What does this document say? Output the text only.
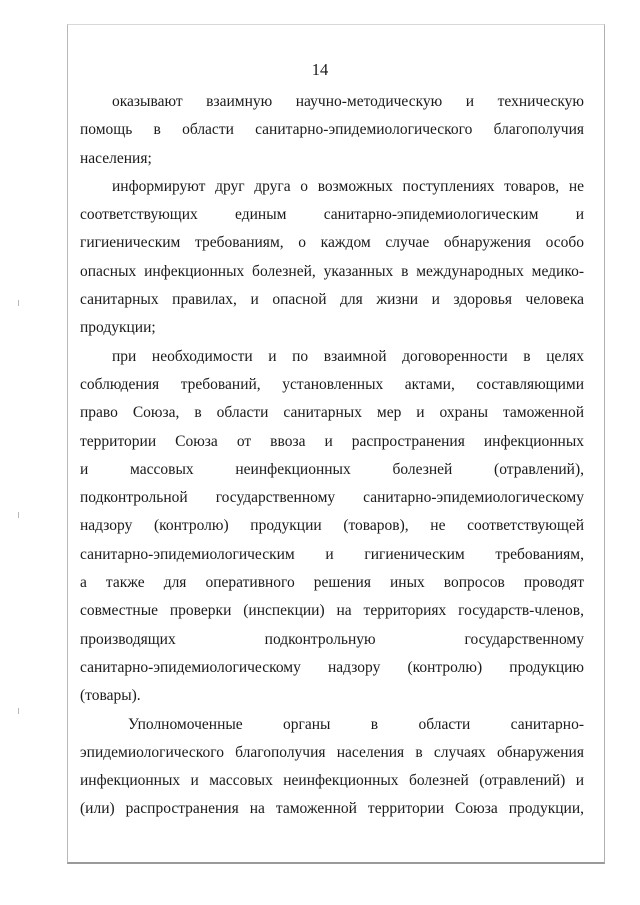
14
оказывают взаимную научно-методическую и техническую
помощь в области санитарно-эпидемиологического благополучия
населения;
информируют друг друга о возможных поступлениях товаров, не
соответствующих единым санитарно-эпидемиологическим и
гигиеническим требованиям, о каждом случае обнаружения особо
опасных инфекционных болезней, указанных в международных медико-
санитарных правилах, и опасной для жизни и здоровья человека
продукции;
при необходимости и по взаимной договоренности в целях
соблюдения требований, установленных актами, составляющими
право Союза, в области санитарных мер и охраны таможенной
территории Союза от ввоза и распространения инфекционных
и массовых неинфекционных болезней (отравлений),
подконтрольной государственному санитарно-эпидемиологическому
надзору (контролю) продукции (товаров), не соответствующей
санитарно-эпидемиологическим и гигиеническим требованиям,
а также для оперативного решения иных вопросов проводят
совместные проверки (инспекции) на территориях государств-членов,
производящих подконтрольную государственному
санитарно-эпидемиологическому надзору (контролю) продукцию
(товары).
Уполномоченные органы в области санитарно-
эпидемиологического благополучия населения в случаях обнаружения
инфекционных и массовых неинфекционных болезней (отравлений) и
(или) распространения на таможенной территории Союза продукции,
